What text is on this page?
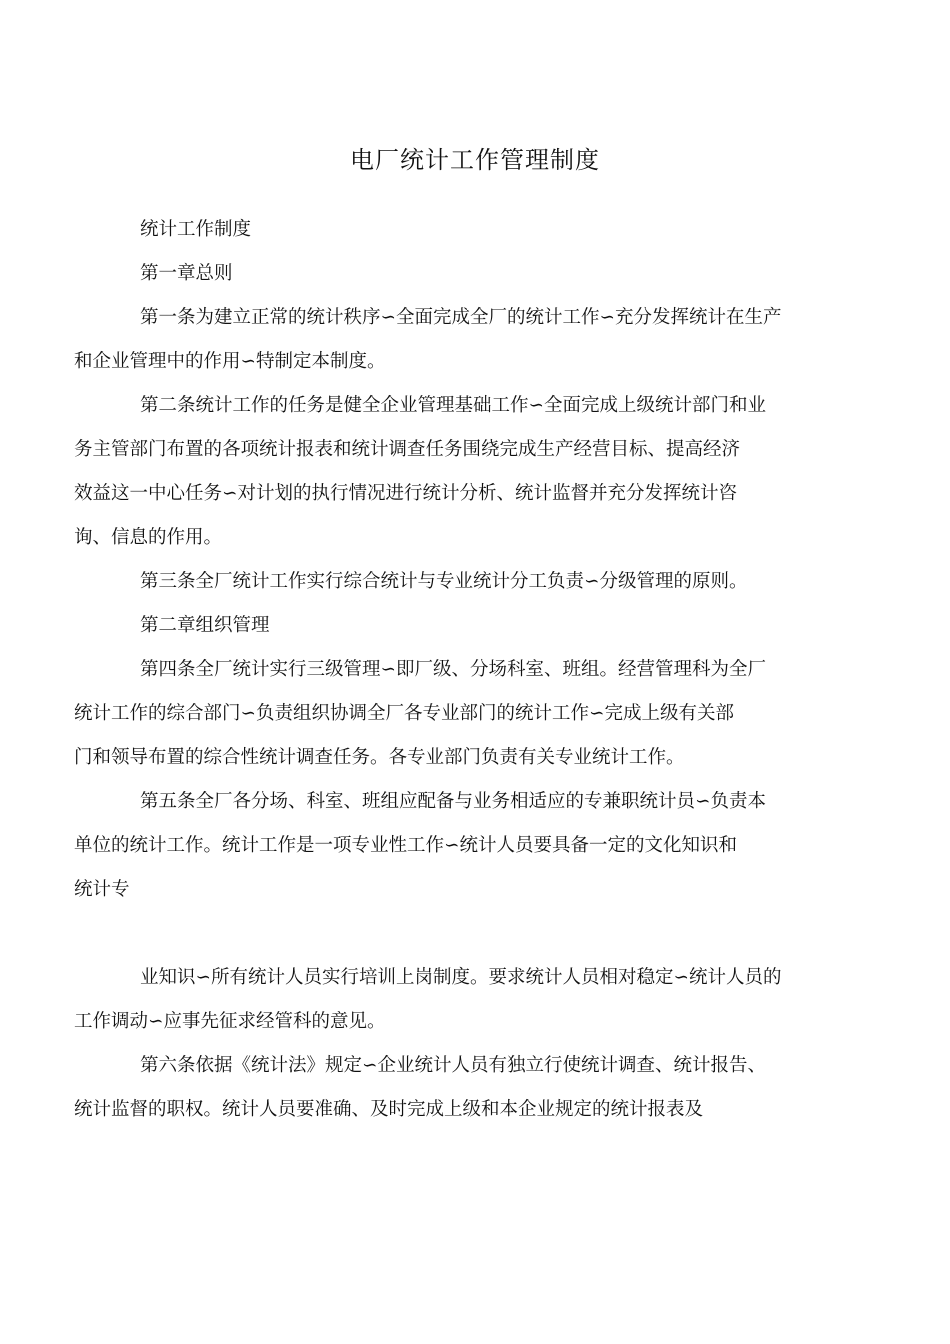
电厂统计工作管理制度

统计工作制度

第一章总则

第一条为建立正常的统计秩序∽全面完成全厂的统计工作∽充分发挥统计在生产
和企业管理中的作用∽特制定本制度。

第二条统计工作的任务是健全企业管理基础工作∽全面完成上级统计部门和业
务主管部门布置的各项统计报表和统计调查任务围绕完成生产经营目标、提高经济
效益这一中心任务∽对计划的执行情况进行统计分析、统计监督并充分发挥统计咨
询、信息的作用。

第三条全厂统计工作实行综合统计与专业统计分工负责∽分级管理的原则。

第二章组织管理

第四条全厂统计实行三级管理∽即厂级、分场科室、班组。经营管理科为全厂
统计工作的综合部门∽负责组织协调全厂各专业部门的统计工作∽完成上级有关部
门和领导布置的综合性统计调查任务。各专业部门负责有关专业统计工作。

第五条全厂各分场、科室、班组应配备与业务相适应的专兼职统计员∽负责本
单位的统计工作。统计工作是一项专业性工作∽统计人员要具备一定的文化知识和
统计专

业知识∽所有统计人员实行培训上岗制度。要求统计人员相对稳定∽统计人员的
工作调动∽应事先征求经管科的意见。

第六条依据《统计法》规定∽企业统计人员有独立行使统计调查、统计报告、
统计监督的职权。统计人员要准确、及时完成上级和本企业规定的统计报表及
